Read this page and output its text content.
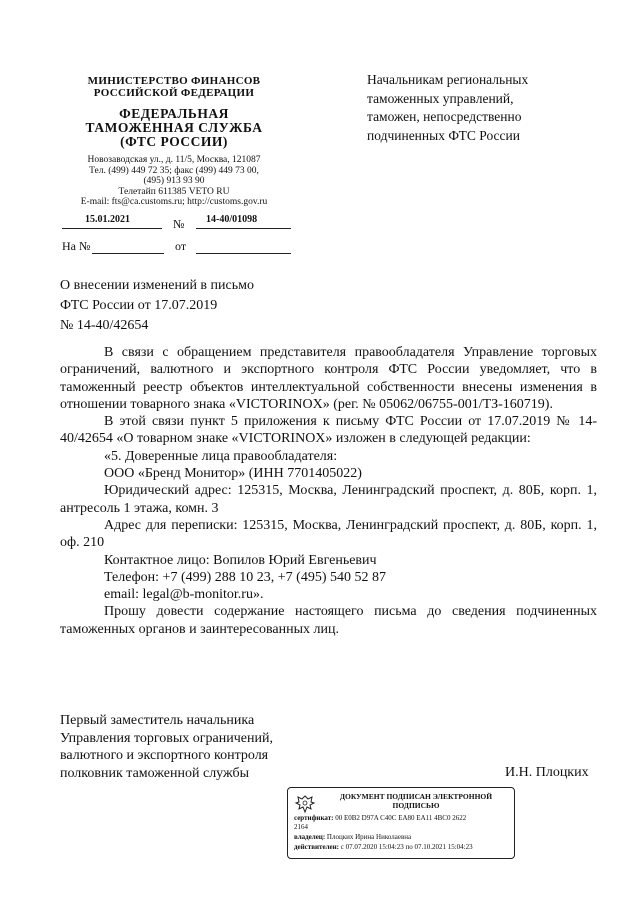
МИНИСТЕРСТВО ФИНАНСОВ
РОССИЙСКОЙ ФЕДЕРАЦИИ
ФЕДЕРАЛЬНАЯ
ТАМОЖЕННАЯ СЛУЖБА
(ФТС РОССИИ)
Новозаводская ул., д. 11/5, Москва, 121087
Тел. (499) 449 72 35; факс (499) 449 73 00,
(495) 913 93 90
Телетайп 611385 VETO RU
E-mail: fts@ca.customs.ru; http://customs.gov.ru
15.01.2021	№ 14-40/01098
На №	от
Начальникам региональных
таможенных управлений,
таможен, непосредственно
подчиненных ФТС России
О внесении изменений в письмо
ФТС России от 17.07.2019
№ 14-40/42654

В связи с обращением представителя правообладателя Управление торговых ограничений, валютного и экспортного контроля ФТС России уведомляет, что в таможенный реестр объектов интеллектуальной собственности внесены изменения в отношении товарного знака «VICTORINOX» (рег. № 05062/06755-001/ТЗ-160719).

В этой связи пункт 5 приложения к письму ФТС России от 17.07.2019 № 14-40/42654 «О товарном знаке «VICTORINOX» изложен в следующей редакции:

«5. Доверенные лица правообладателя:
ООО «Бренд Монитор» (ИНН 7701405022)

Юридический адрес: 125315, Москва, Ленинградский проспект, д. 80Б, корп. 1, антресоль 1 этажа, комн. 3

Адрес для переписки: 125315, Москва, Ленинградский проспект, д. 80Б, корп. 1, оф. 210

Контактное лицо: Вопилов Юрий Евгеньевич
Телефон: +7 (499) 288 10 23, +7 (495) 540 52 87
email: legal@b-monitor.ru».

Прошу довести содержание настоящего письма до сведения подчиненных таможенных органов и заинтересованных лиц.

Первый заместитель начальника
Управления торговых ограничений,
валютного и экспортного контроля
полковник таможенной службы	И.Н. Плоцких
ДОКУМЕНТ ПОДПИСАН ЭЛЕКТРОННОЙ
ПОДПИСЬЮ
сертификат: 00 E0B2 D97A C40C EA80 EA11 4BC0 2622
2164
владелец: Плоцких Ирина Николаевна
действителен: с 07.07.2020 15:04:23 по 07.10.2021 15:04:23
